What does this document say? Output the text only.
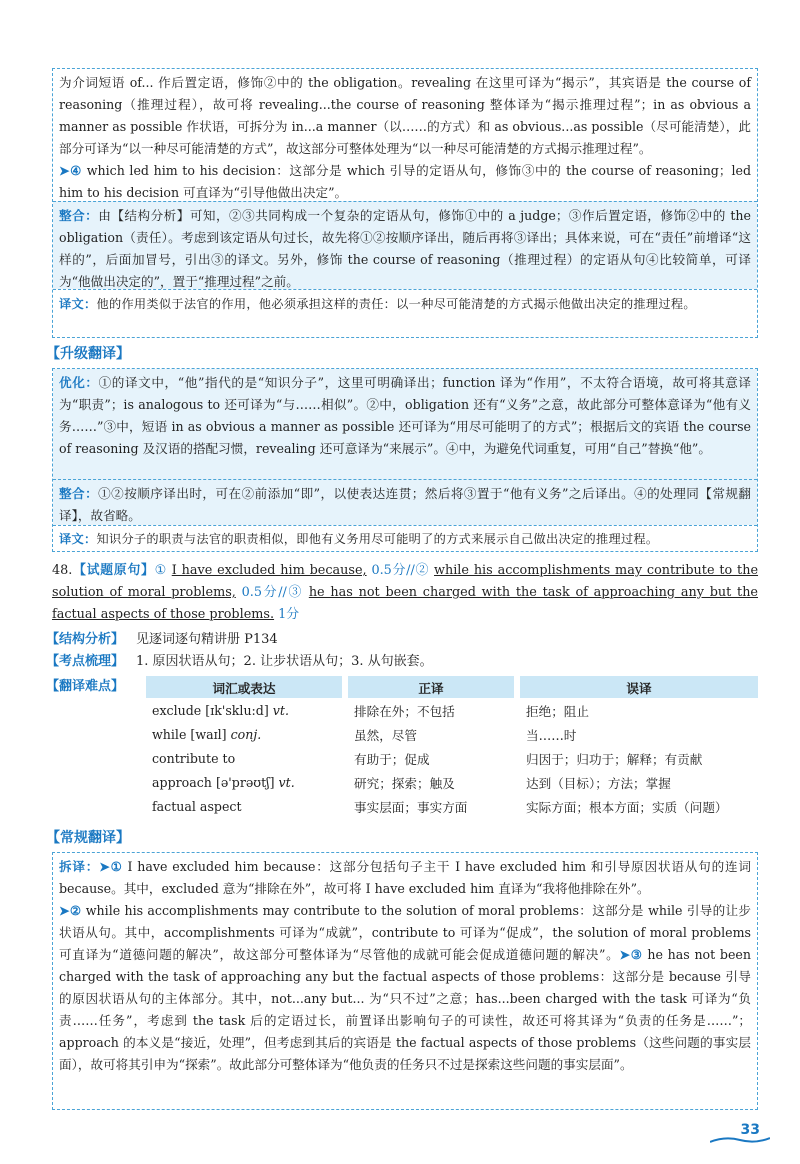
为介词短语 of... 作后置定语，修饰②中的 the obligation。revealing 在这里可译为“揭示”，其宾语是 the course of reasoning（推理过程），故可将 revealing...the course of reasoning 整体译为“揭示推理过程”；in as obvious a manner as possible 作状语，可拆分为 in...a manner（以……的方式）和 as obvious...as possible（尽可能清楚），此部分可译为“以一种尽可能清楚的方式”，故这部分可整体处理为“以一种尽可能清楚的方式揭示推理过程”。
➤④ which led him to his decision：这部分是 which 引导的定语从句，修饰③中的 the course of reasoning；led him to his decision 可直译为“引导他做出决定”。
整合：由【结构分析】可知，②③共同构成一个复杂的定语从句，修饰①中的 a judge；③作后置定语，修饰②中的 the obligation（责任）。考虑到该定语从句过长，故先将①②按顺序译出，随后再将③译出；具体来说，可在“责任”前增译“这样的”，后面加冒号，引出③的译文。另外，修饰 the course of reasoning（推理过程）的定语从句④比较简单，可译为“他做出决定的”，置于“推理过程”之前。
译文：他的作用类似于法官的作用，他必须承担这样的责任：以一种尽可能清楚的方式揭示他做出决定的推理过程。
【升级翻译】
优化：①的译文中，“他”指代的是“知识分子”，这里可明确译出；function 译为“作用”，不太符合语境，故可将其意译为“职责”；is analogous to 还可译为“与……相似”。②中，obligation 还有“义务”之意，故此部分可整体意译为“他有义务……”③中，短语 in as obvious a manner as possible 还可译为“用尽可能明了的方式”；根据后文的宾语 the course of reasoning 及汉语的搭配习惯，revealing 还可意译为“来展示”。④中，为避免代词重复，可用“自己”替换“他”。
整合：①②按顺序译出时，可在②前添加“即”，以使表达连贯；然后将③置于“他有义务”之后译出。④的处理同【常规翻译】，故省略。
译文：知识分子的职责与法官的职责相似，即他有义务用尽可能明了的方式来展示自己做出决定的推理过程。
48.【试题原句】① I have excluded him because, 0.5分//② while his accomplishments may contribute to the solution of moral problems, 0.5分//③ he has not been charged with the task of approaching any but the factual aspects of those problems. 1分
【结构分析】 见逐词逐句精讲册 P134
【考点梳理】 1. 原因状语从句；2. 让步状语从句；3. 从句嵌套。
【翻译难点】	词汇或表达		正译		误译
exclude [ɪk'sklu:d] vt.		排除在外；不包括		拒绝；阻止
while [waɪl] conj.		虽然，尽管		当……时
contribute to		有助于；促成		归因于；归功于；解释；有贡献
approach [ə'prəʊtʃ] vt.		研究；探索；触及		达到（目标）；方法；掌握
factual aspect		事实层面；事实方面		实际方面；根本方面；实质（问题）
【常规翻译】
拆译：➤① I have excluded him because：这部分包括句子主干 I have excluded him 和引导原因状语从句的连词 because。其中，excluded 意为“排除在外”，故可将 I have excluded him 直译为“我将他排除在外”。
➤② while his accomplishments may contribute to the solution of moral problems：这部分是 while 引导的让步状语从句。其中，accomplishments 可译为“成就”，contribute to 可译为“促成”，the solution of moral problems 可直译为“道德问题的解决”，故这部分可整体译为“尽管他的成就可能会促成道德问题的解决”。➤③ he has not been charged with the task of approaching any but the factual aspects of those problems：这部分是 because 引导的原因状语从句的主体部分。其中，not...any but... 为“只不过”之意；has...been charged with the task 可译为“负责……任务”，考虑到 the task 后的定语过长，前置译出影响句子的可读性，故还可将其译为“负责的任务是……”；approach 的本义是“接近，处理”，但考虑到其后的宾语是 the factual aspects of those problems（这些问题的事实层面），故可将其引申为“探索”。故此部分可整体译为“他负责的任务只不过是探索这些问题的事实层面”。
33
